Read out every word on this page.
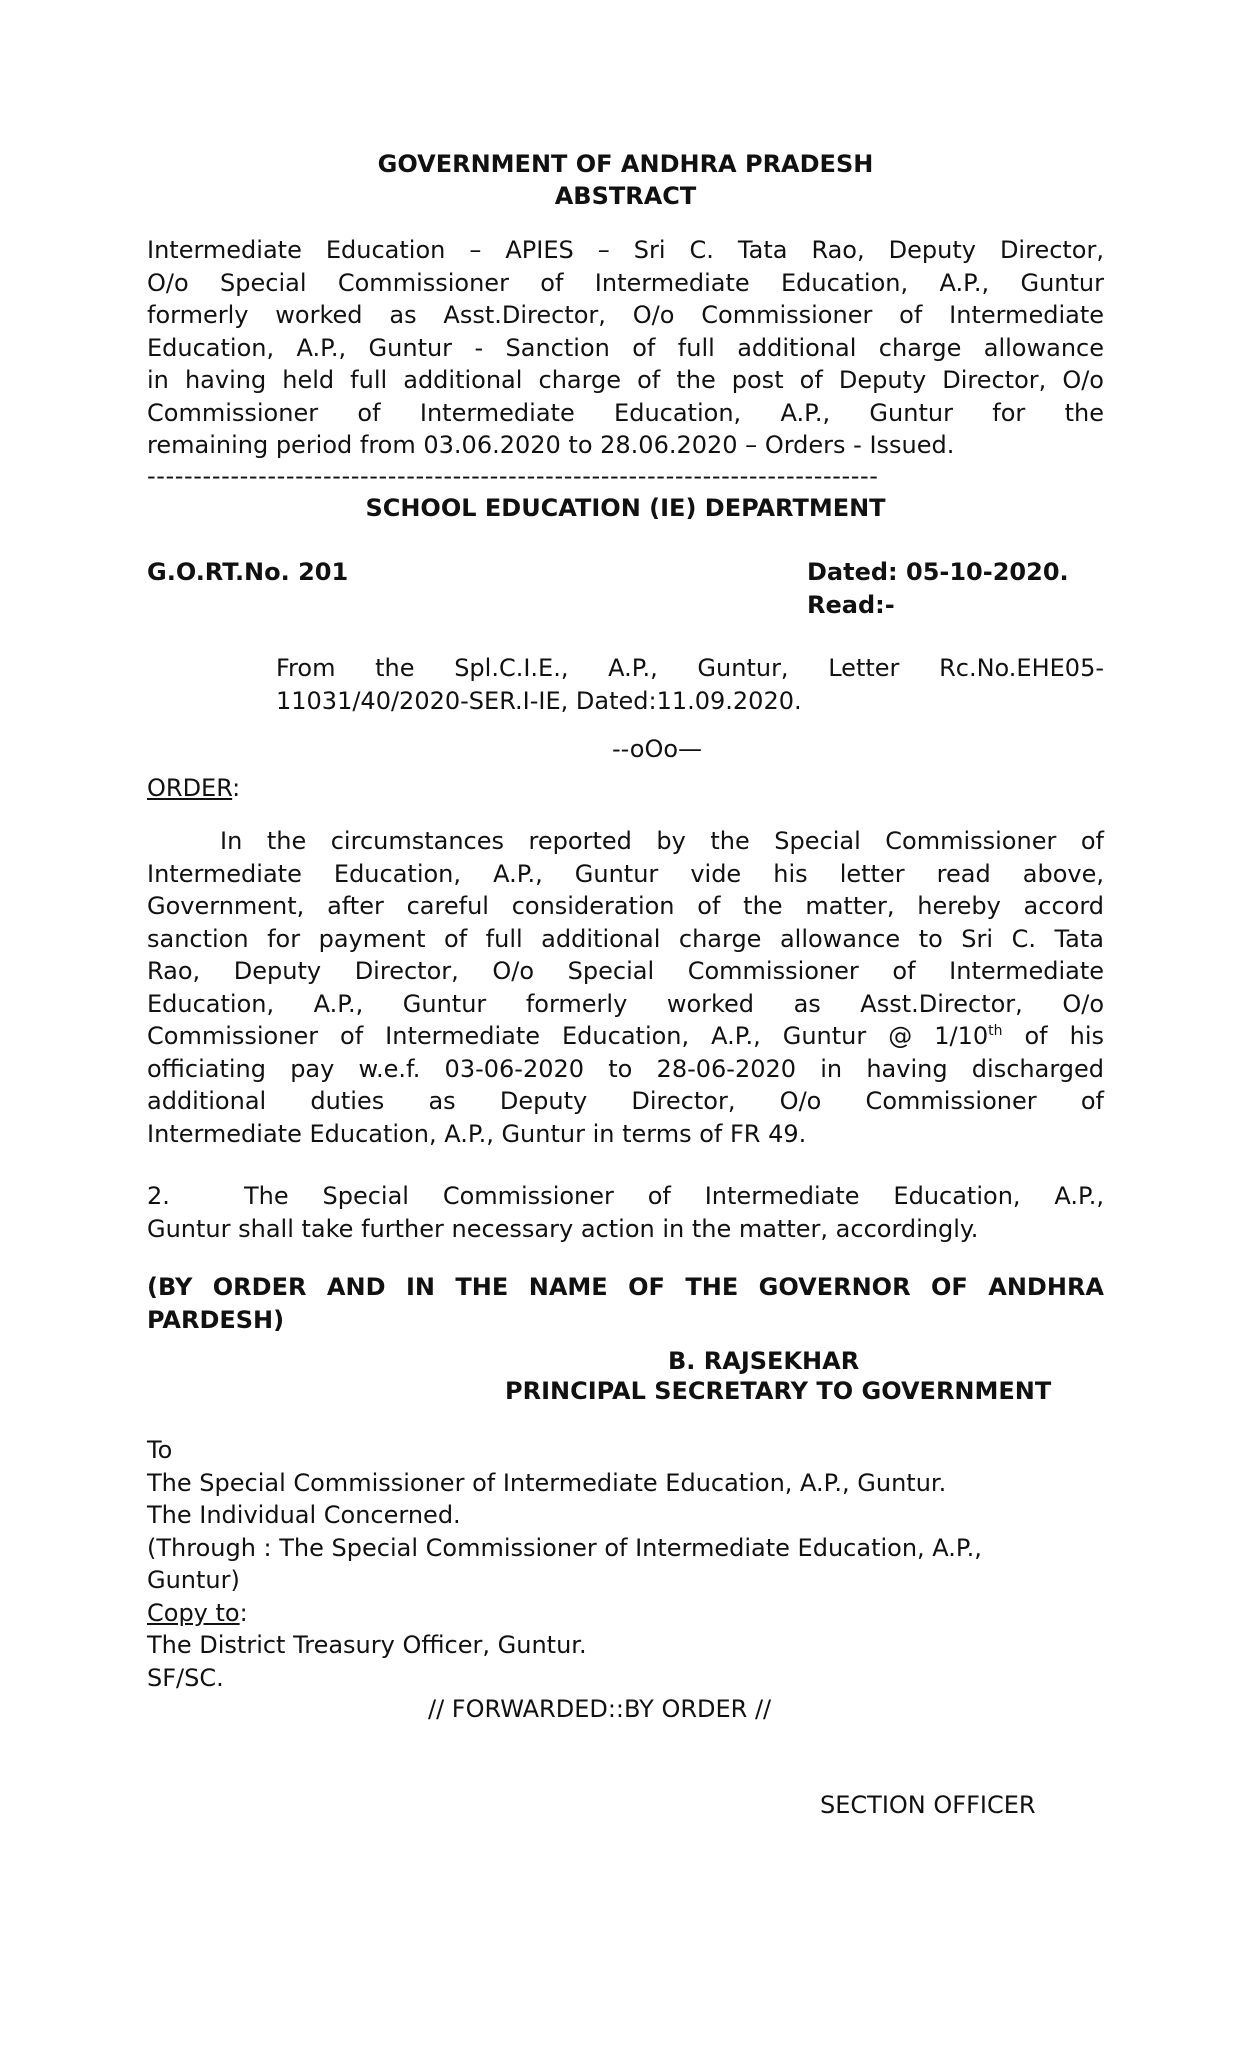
GOVERNMENT OF ANDHRA PRADESH
ABSTRACT
Intermediate Education – APIES – Sri C. Tata Rao, Deputy Director,
O/o Special Commissioner of Intermediate Education, A.P., Guntur
formerly worked as Asst.Director, O/o Commissioner of Intermediate
Education, A.P., Guntur - Sanction of full additional charge allowance
in having held full additional charge of the post of Deputy Director, O/o
Commissioner of Intermediate Education, A.P., Guntur for the
remaining period from 03.06.2020 to 28.06.2020 – Orders - Issued.
-------------------------------------------------------------------------------
SCHOOL EDUCATION (IE) DEPARTMENT
G.O.RT.No. 201	Dated: 05-10-2020.
Read:-
From the Spl.C.I.E., A.P., Guntur, Letter Rc.No.EHE05-
11031/40/2020-SER.I-IE, Dated:11.09.2020.
--oOo—
ORDER:
In the circumstances reported by the Special Commissioner of
Intermediate Education, A.P., Guntur vide his letter read above,
Government, after careful consideration of the matter, hereby accord
sanction for payment of full additional charge allowance to Sri C. Tata
Rao, Deputy Director, O/o Special Commissioner of Intermediate
Education, A.P., Guntur formerly worked as Asst.Director, O/o
Commissioner of Intermediate Education, A.P., Guntur @ 1/10th of his
officiating pay w.e.f. 03-06-2020 to 28-06-2020 in having discharged
additional duties as Deputy Director, O/o Commissioner of
Intermediate Education, A.P., Guntur in terms of FR 49.
2.	The Special Commissioner of Intermediate Education, A.P.,
Guntur shall take further necessary action in the matter, accordingly.
(BY ORDER AND IN THE NAME OF THE GOVERNOR OF ANDHRA
PARDESH)
B. RAJSEKHAR
PRINCIPAL SECRETARY TO GOVERNMENT
To
The Special Commissioner of Intermediate Education, A.P., Guntur.
The Individual Concerned.
(Through : The Special Commissioner of Intermediate Education, A.P.,
Guntur)
Copy to:
The District Treasury Officer, Guntur.
SF/SC.
// FORWARDED::BY ORDER //
SECTION OFFICER
